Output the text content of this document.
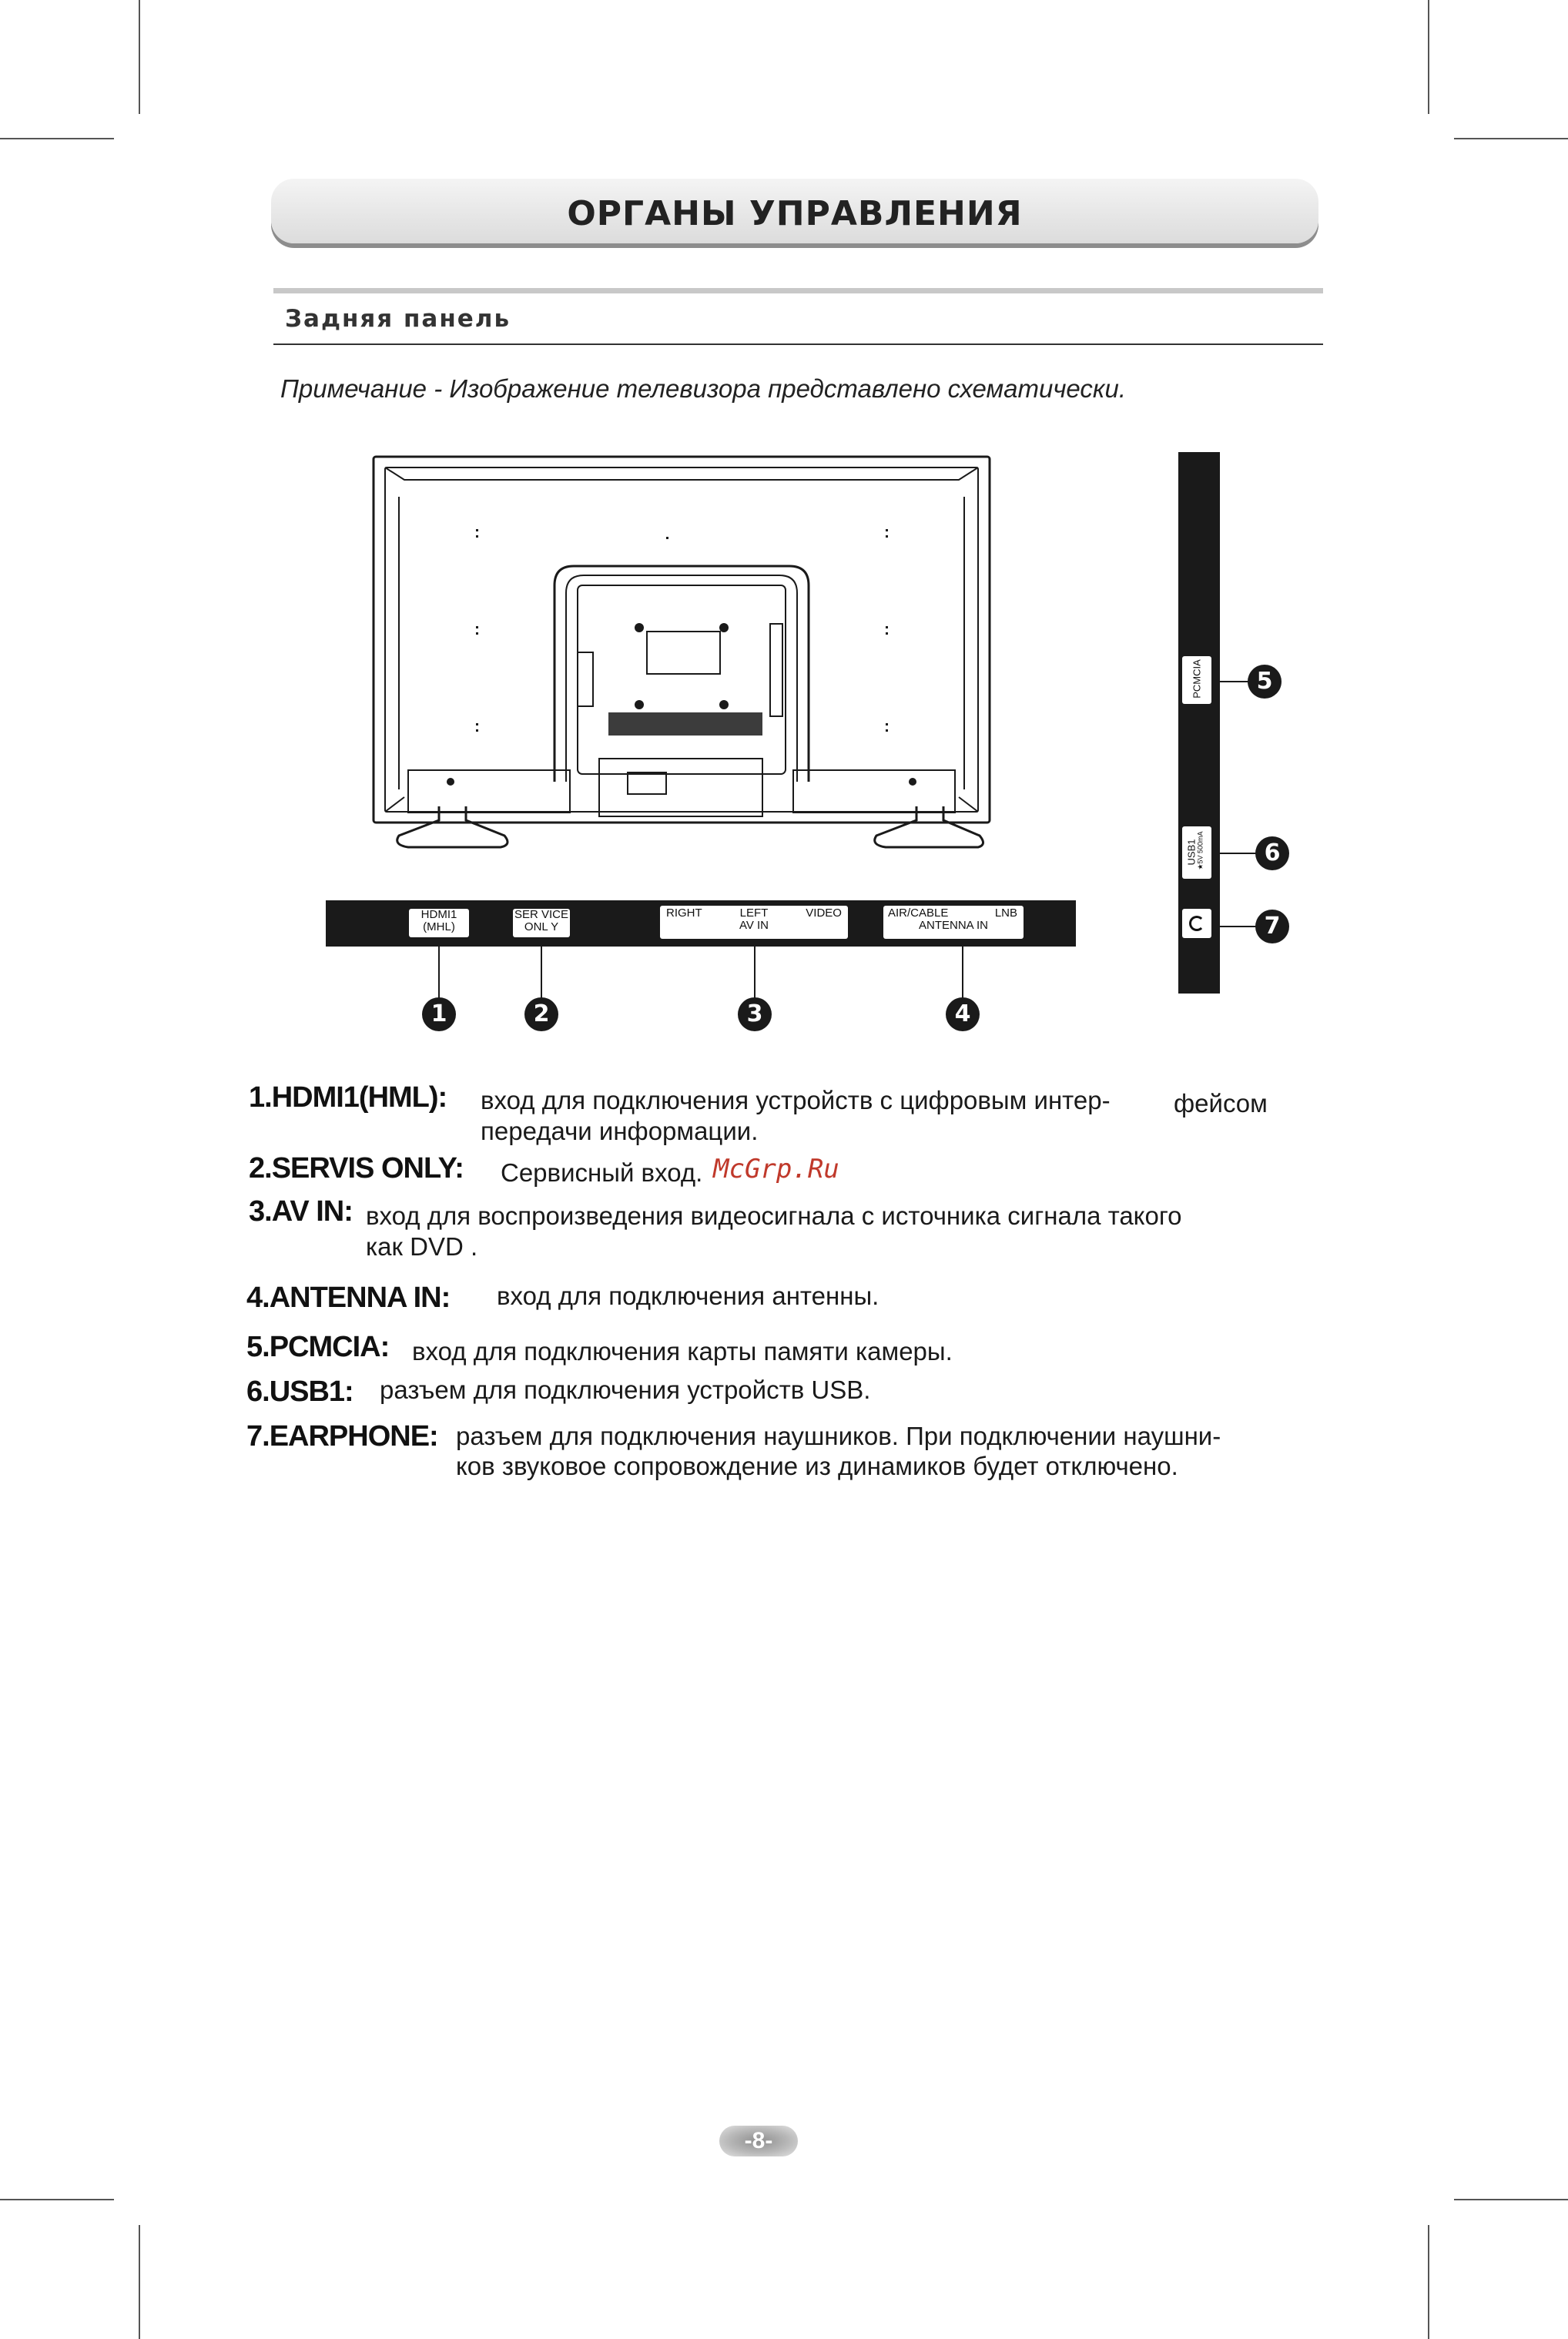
ОРГАНЫ УПРАВЛЕНИЯ
Задняя панель
Примечание - Изображение телевизора представлено схематически.
HDMI1
(MHL)
SER VICE
ONL Y
RIGHT	LEFT	VIDEO
AV IN
AIR/CABLE	LNB
ANTENNA IN
1	2	3	4
PCMCIA
USB1 ★5V 500mA
5
6
7
1.HDMI1(HML): вход для подключения устройств с цифровым интер- фейсом
передачи информации.
2.SERVIS ONLY: Сервисный вход. McGrp.Ru
3.AV IN: вход для воспроизведения видеосигнала с источника сигнала такого
как DVD .
4.ANTENNA IN: вход для подключения антенны.
5.PCMCIA: вход для подключения карты памяти камеры.
6.USB1: разъем для подключения устройств USB.
7.EARPHONE: разъем для подключения наушников. При подключении наушни-
ков звуковое сопровождение из динамиков будет отключено.
-8-
